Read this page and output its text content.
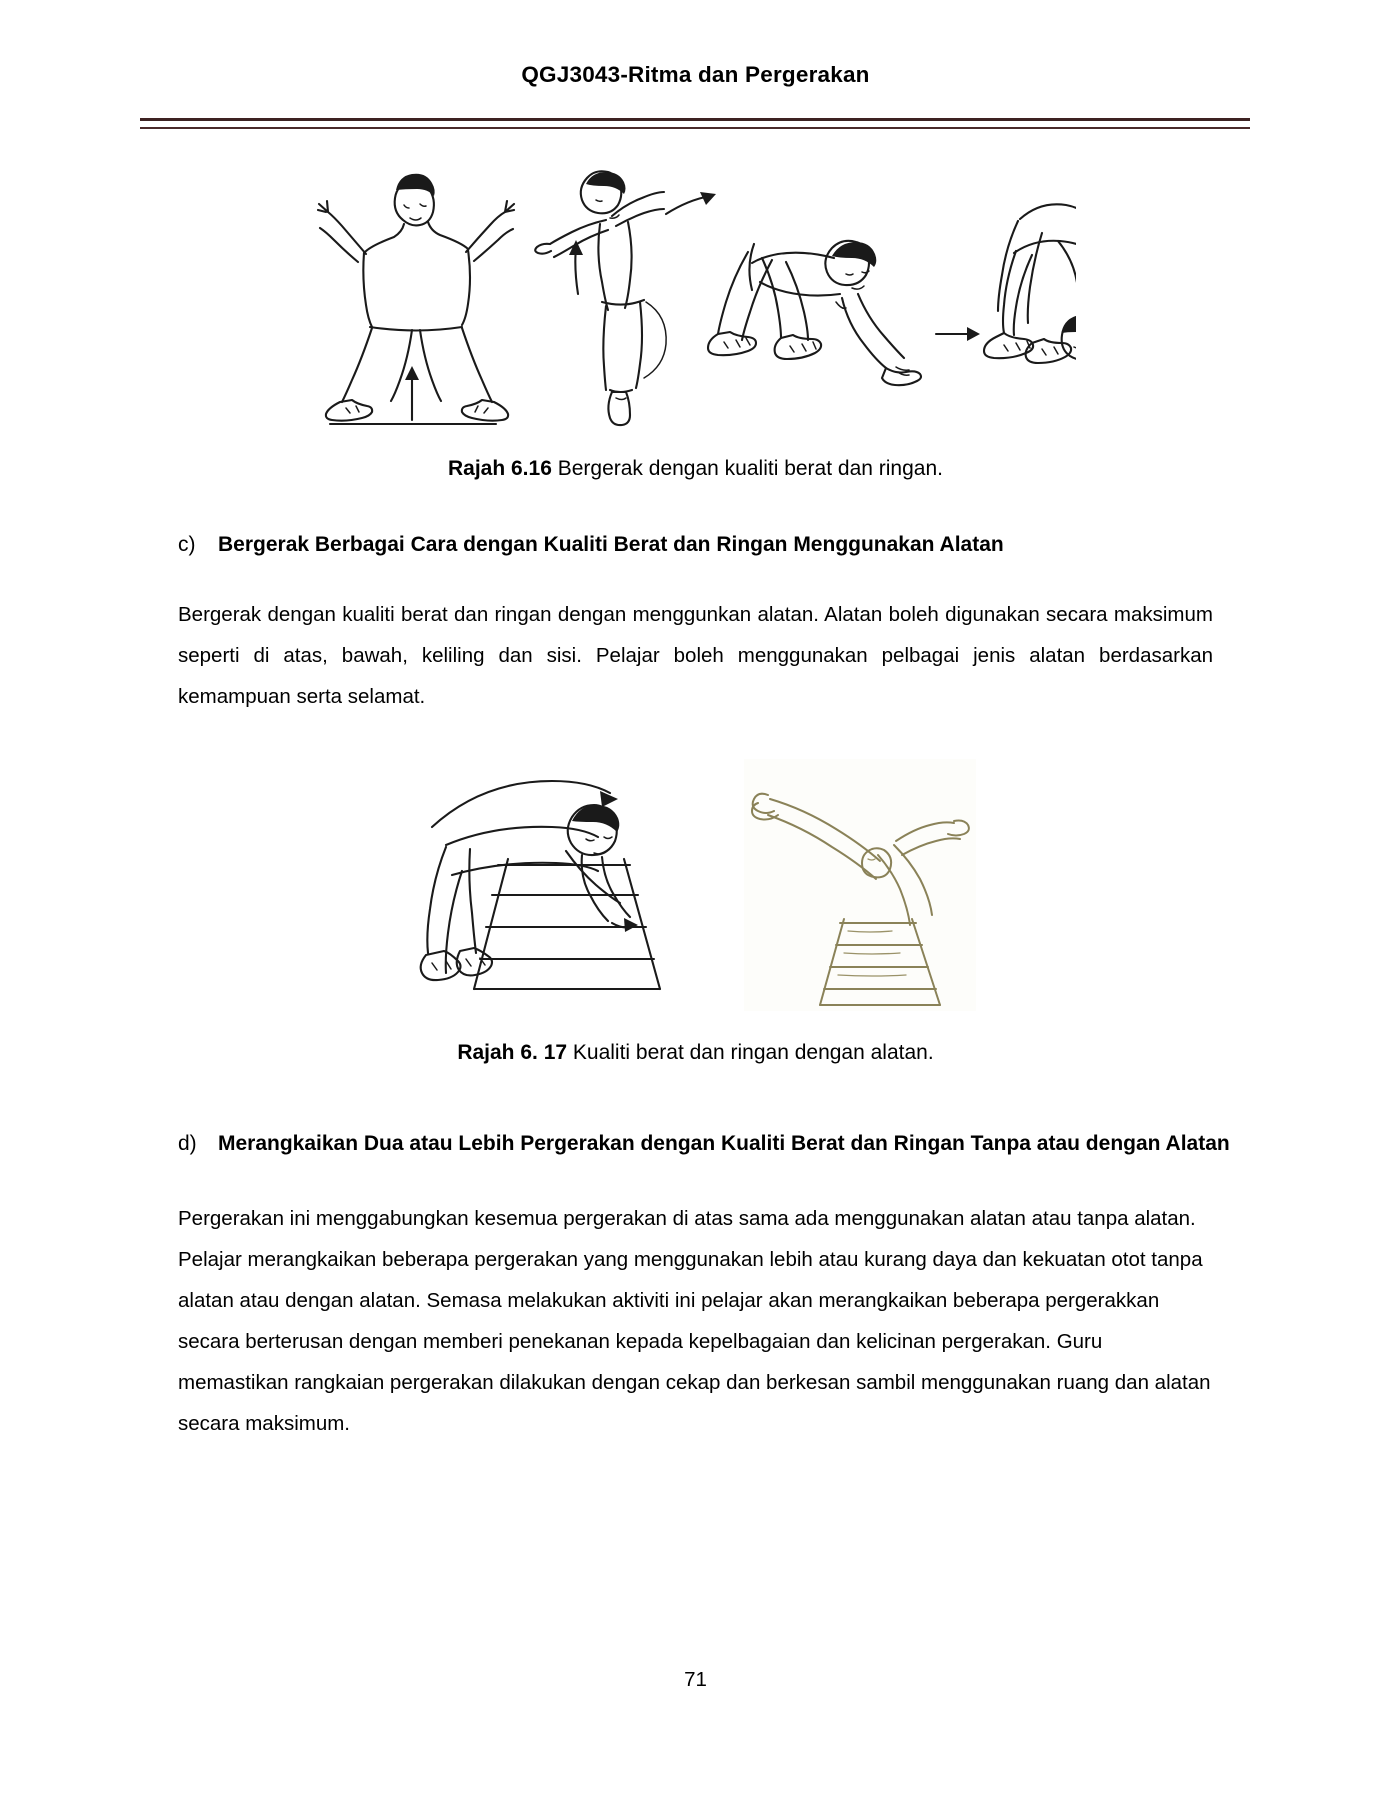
QGJ3043-Ritma dan Pergerakan
Rajah 6.16 Bergerak dengan kualiti berat dan ringan.
c)	Bergerak Berbagai Cara dengan Kualiti Berat dan Ringan Menggunakan Alatan
Bergerak dengan kualiti berat dan ringan dengan menggunkan alatan. Alatan boleh digunakan secara maksimum seperti di atas, bawah, keliling dan sisi. Pelajar boleh menggunakan pelbagai jenis alatan berdasarkan kemampuan serta selamat.
Rajah 6. 17 Kualiti berat dan ringan dengan alatan.
d)	Merangkaikan Dua atau Lebih Pergerakan dengan Kualiti Berat dan Ringan Tanpa atau dengan Alatan
Pergerakan ini menggabungkan kesemua pergerakan di atas sama ada menggunakan alatan atau tanpa alatan. Pelajar merangkaikan beberapa pergerakan yang menggunakan lebih atau kurang daya dan kekuatan otot tanpa alatan atau dengan alatan. Semasa melakukan aktiviti ini pelajar akan merangkaikan beberapa pergerakkan secara berterusan dengan memberi penekanan kepada kepelbagaian dan kelicinan pergerakan. Guru memastikan rangkaian pergerakan dilakukan dengan cekap dan berkesan sambil menggunakan ruang dan alatan secara maksimum.
71
